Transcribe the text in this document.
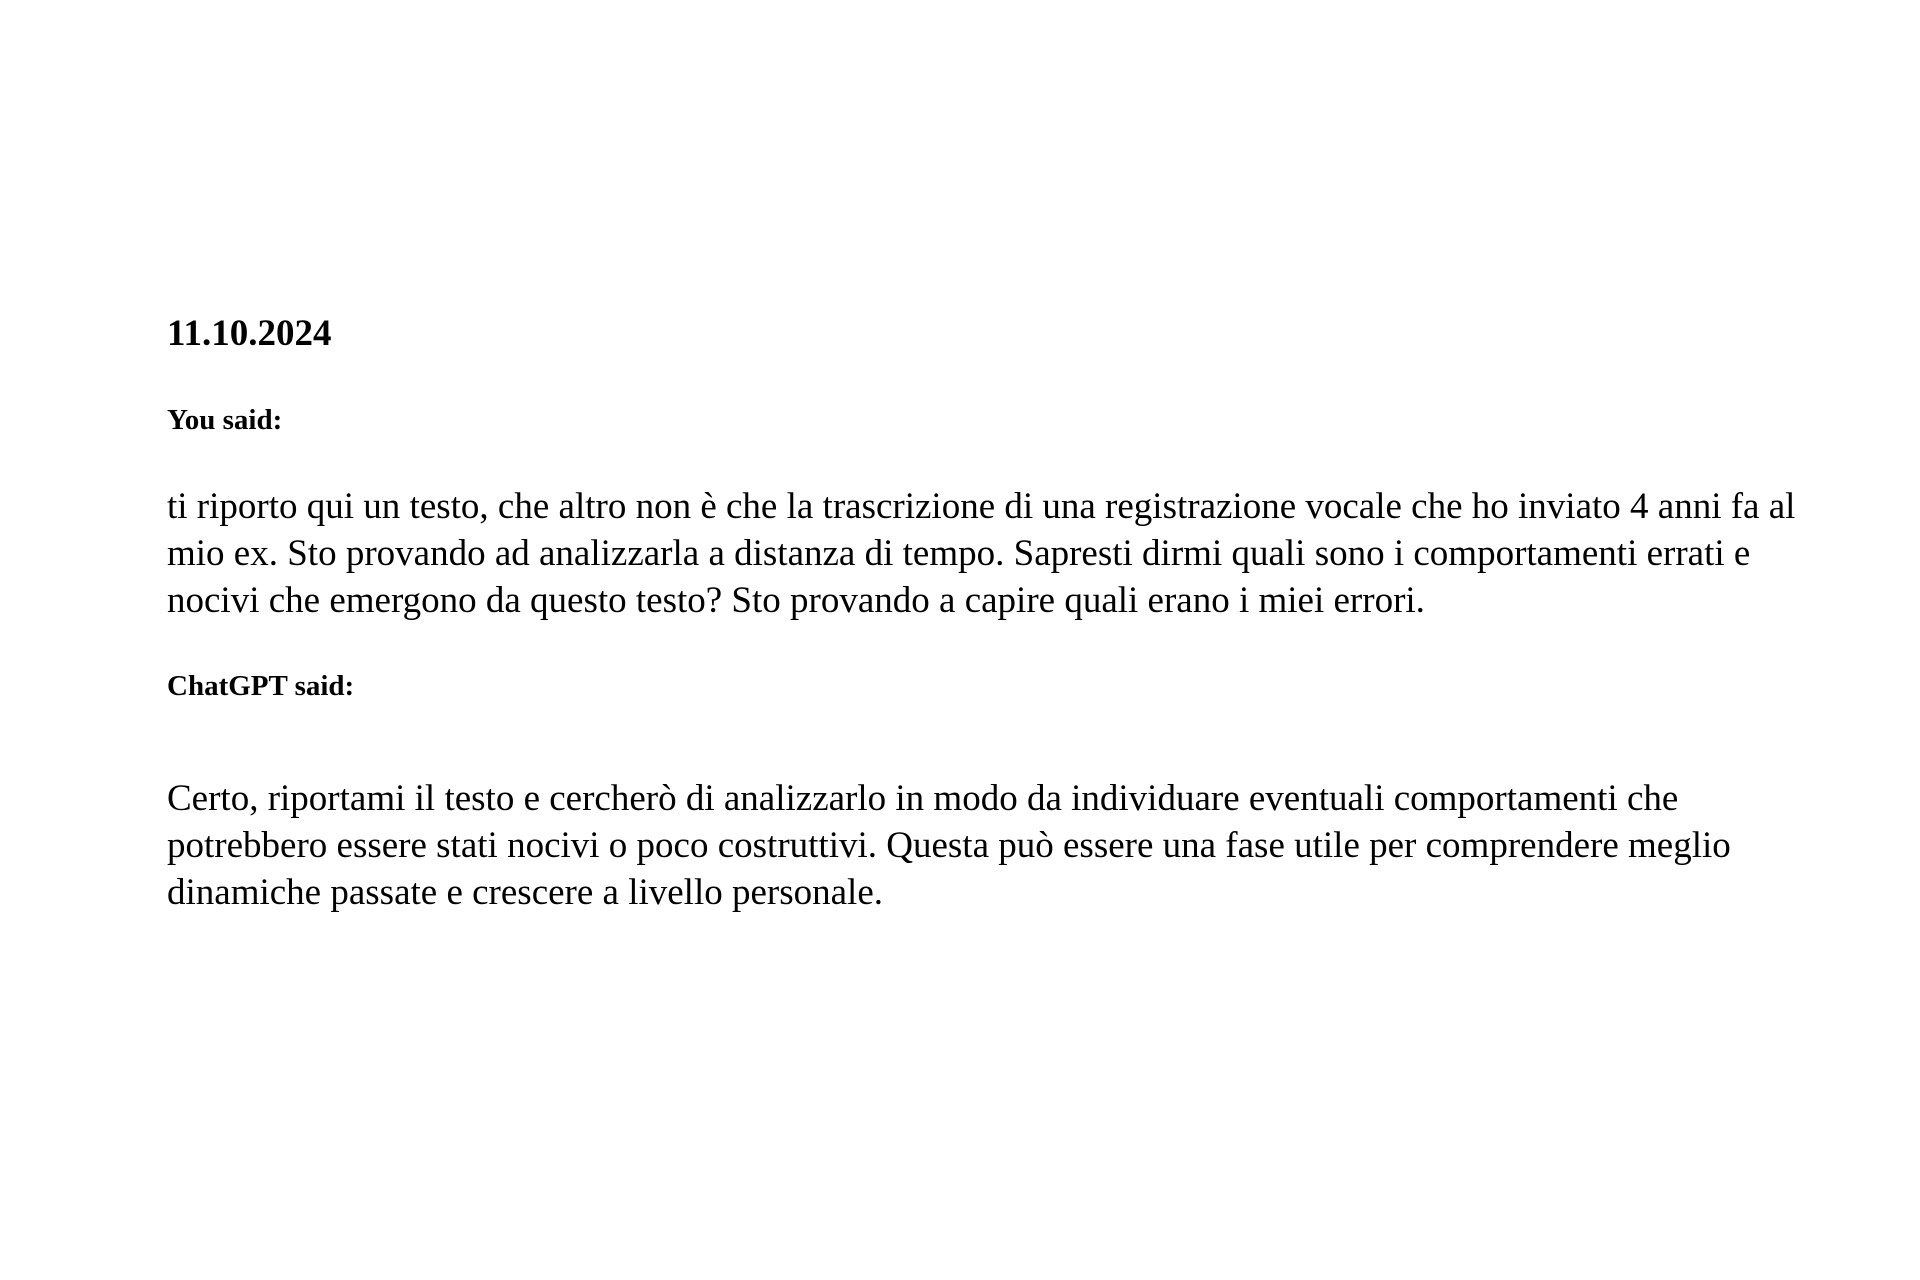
11.10.2024
You said:

ti riporto qui un testo, che altro non è che la trascrizione di una registrazione vocale che ho inviato 4 anni fa al mio ex. Sto provando ad analizzarla a distanza di tempo. Sapresti dirmi quali sono i comportamenti errati e nocivi che emergono da questo testo? Sto provando a capire quali erano i miei errori.

ChatGPT said:

Certo, riportami il testo e cercherò di analizzarlo in modo da individuare eventuali comportamenti che potrebbero essere stati nocivi o poco costruttivi. Questa può essere una fase utile per comprendere meglio dinamiche passate e crescere a livello personale.
